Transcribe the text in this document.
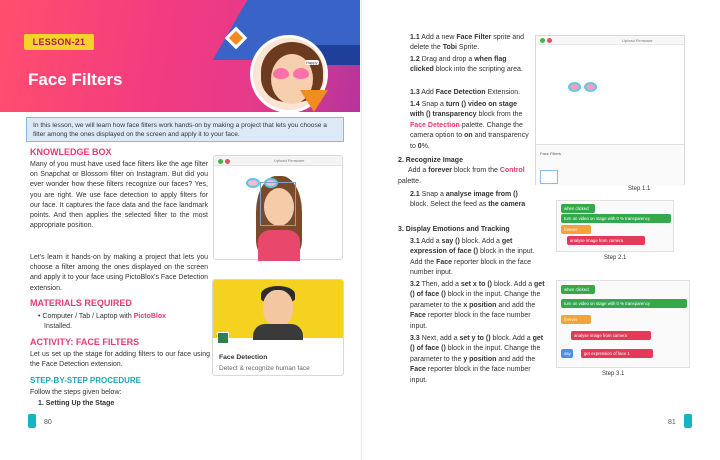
LESSON-21
Face Filters
Happy
In this lesson, we will learn how face filters work hands-on by making a project that lets you choose a filter among the ones displayed on the screen and apply it to your face.
KNOWLEDGE BOX
Many of you must have used face filters like the age filter on Snapchat or Blossom filter on Instagram. But did you ever wonder how these filters recognize our faces? Yes, you are right. We use face detection to apply filters for our face. It captures the face data and the face landmark points. And then applies the selected filter to the most appropriate position.
Let's learn it hands-on by making a project that lets you choose a filter among the ones displayed on the screen and apply it to your face using PictoBlox's Face Detection extension.
Upload Firmware
MATERIALS REQUIRED
• Computer / Tab / Laptop with PictoBlox
Installed.
ACTIVITY: FACE FILTERS
Let us set up the stage for adding filters to our face using the Face Detection extension.
STEP-BY-STEP PROCEDURE
Follow the steps given below:
1. Setting Up the Stage
Face Detection
Detect & recognize human face
80
1.1 Add a new Face Filter sprite and delete the Tobi Sprite.
1.2 Drag and drop a when flag clicked block into the scripting area.
1.3 Add Face Detection Extension.
1.4 Snap a turn () video on stage with () transparency block from the Face Detection palette. Change the camera option to on and transparency to 0%.
2. Recognize Image
Add a forever block from the Control palette.
2.1 Snap a analyse image from () block. Select the feed as the camera
3. Display Emotions and Tracking
3.1 Add a say () block. Add a get expression of face () block in the input. Add the Face reporter block in the face number input.
3.2 Then, add a set x to () block. Add a get () of face () block in the input. Change the parameter to the x position and add the Face reporter block in the face number input.
3.3 Next, add a set y to () block. Add a get () of face () block in the input. Change the parameter to the y position and add the Face reporter block in the face number input.
Upload Firmware
Face Filters
Step 1.1
when clicked
turn on video on stage with 0 % transparency
forever
analyse image from camera
Step 2.1
when clicked
turn on video on stage with 0 % transparency
forever
analyse image from camera
say	get expression of face 1
Step 3.1
81
